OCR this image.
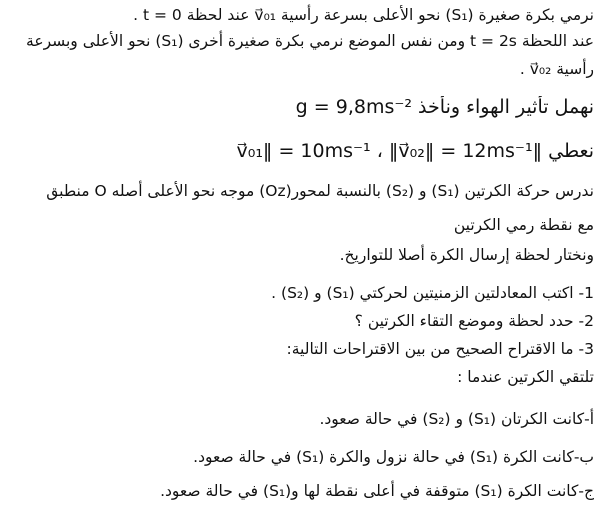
نرمي بكرة صغيرة (S₁) نحو الأعلى بسرعة رأسية v⃗₀₁ عند لحظة t = 0 .
عند اللحظة t = 2s ومن نفس الموضع نرمي بكرة صغيرة أخرى (S₁) نحو الأعلى وبسرعة
رأسية v⃗₀₂ .
نهمل تأثير الهواء ونأخذ g = 9,8ms⁻²
نعطي ‖v⃗₀₁‖ = 10ms⁻¹ ، ‖v⃗₀₂‖ = 12ms⁻¹
ندرس حركة الكرتين (S₁) و (S₂) بالنسبة لمحور(Oz) موجه نحو الأعلى أصله O منطبق
مع نقطة رمي الكرتين
ونختار لحظة إرسال الكرة أصلا للتواريخ.
1- اكتب المعادلتين الزمنيتين لحركتي (S₁) و (S₂) .
2- حدد لحظة وموضع التقاء الكرتين ؟
3- ما الاقتراح الصحيح من بين الاقتراحات التالية:
تلتقي الكرتين عندما :
أ-كانت الكرتان (S₁) و (S₂) في حالة صعود.
ب-كانت الكرة (S₁) في حالة نزول والكرة (S₁) في حالة صعود.
ج-كانت الكرة (S₁) متوقفة في أعلى نقطة لها و(S₁) في حالة صعود.
